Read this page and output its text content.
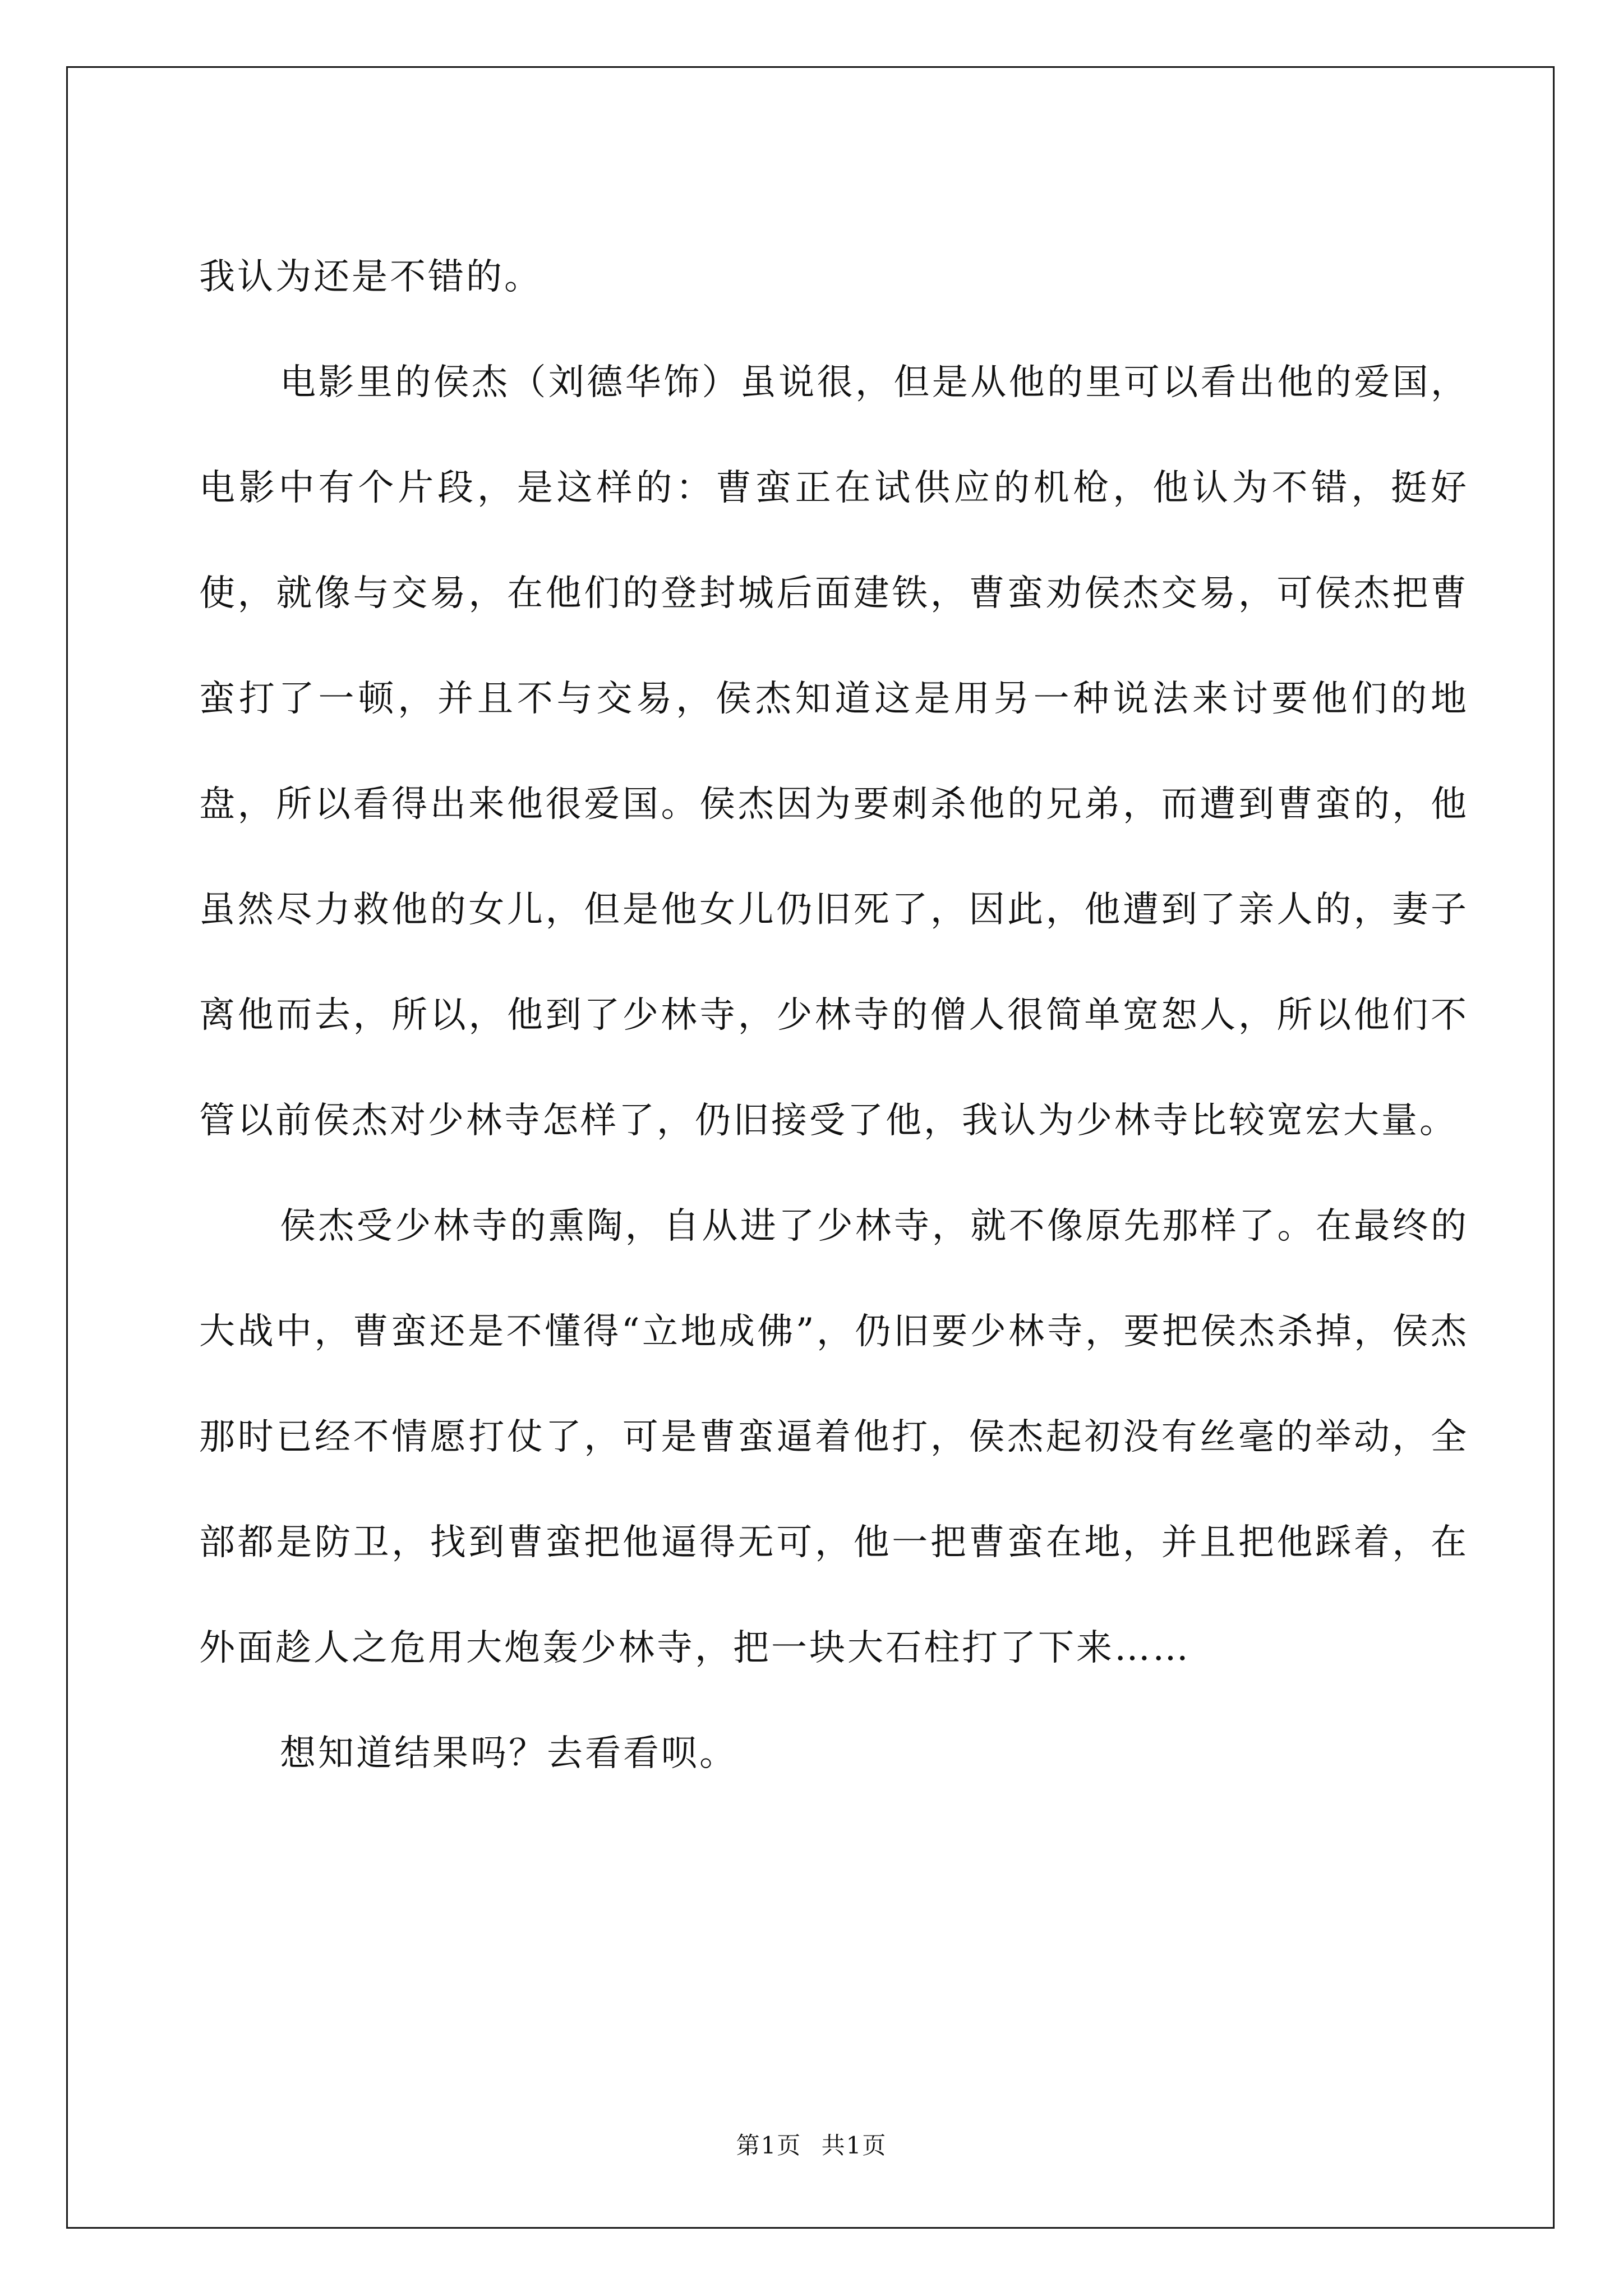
我认为还是不错的。

电影里的侯杰（刘德华饰）虽说很，但是从他的里可以看出他的爱国，电影中有个片段，是这样的：曹蛮正在试供应的机枪，他认为不错，挺好使，就像与交易，在他们的登封城后面建铁，曹蛮劝侯杰交易，可侯杰把曹蛮打了一顿，并且不与交易，侯杰知道这是用另一种说法来讨要他们的地盘，所以看得出来他很爱国。侯杰因为要刺杀他的兄弟，而遭到曹蛮的，他虽然尽力救他的女儿，但是他女儿仍旧死了，因此，他遭到了亲人的，妻子离他而去，所以，他到了少林寺，少林寺的僧人很简单宽恕人，所以他们不管以前侯杰对少林寺怎样了，仍旧接受了他，我认为少林寺比较宽宏大量。

侯杰受少林寺的熏陶，自从进了少林寺，就不像原先那样了。在最终的大战中，曹蛮还是不懂得“立地成佛”，仍旧要少林寺，要把侯杰杀掉，侯杰那时已经不情愿打仗了，可是曹蛮逼着他打，侯杰起初没有丝毫的举动，全部都是防卫，找到曹蛮把他逼得无可，他一把曹蛮在地，并且把他踩着，在外面趁人之危用大炮轰少林寺，把一块大石柱打了下来……

想知道结果吗？去看看呗。

第1页 共1页
